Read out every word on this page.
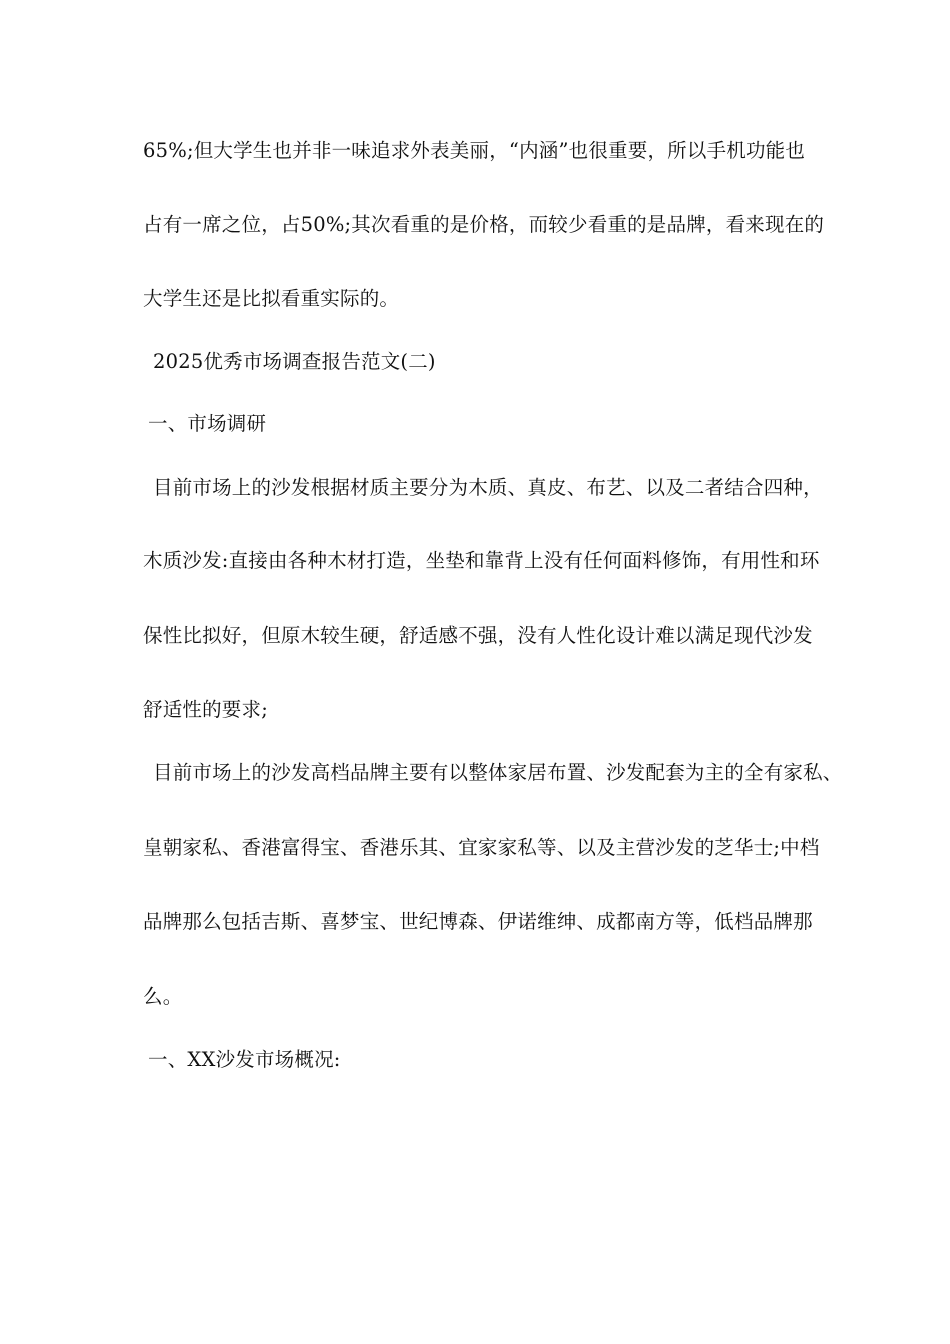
65%;但大学生也并非一味追求外表美丽，“内涵”也很重要，所以手机功能也
占有一席之位，占50%;其次看重的是价格，而较少看重的是品牌，看来现在的
大学生还是比拟看重实际的。
2025优秀市场调查报告范文(二)
一、市场调研
目前市场上的沙发根据材质主要分为木质、真皮、布艺、以及二者结合四种，
木质沙发:直接由各种木材打造，坐垫和靠背上没有任何面料修饰，有用性和环
保性比拟好，但原木较生硬，舒适感不强，没有人性化设计难以满足现代沙发
舒适性的要求;
目前市场上的沙发高档品牌主要有以整体家居布置、沙发配套为主的全有家私、
皇朝家私、香港富得宝、香港乐其、宜家家私等、以及主营沙发的芝华士;中档
品牌那么包括吉斯、喜梦宝、世纪博森、伊诺维绅、成都南方等，低档品牌那
么。
一、XX沙发市场概况:
